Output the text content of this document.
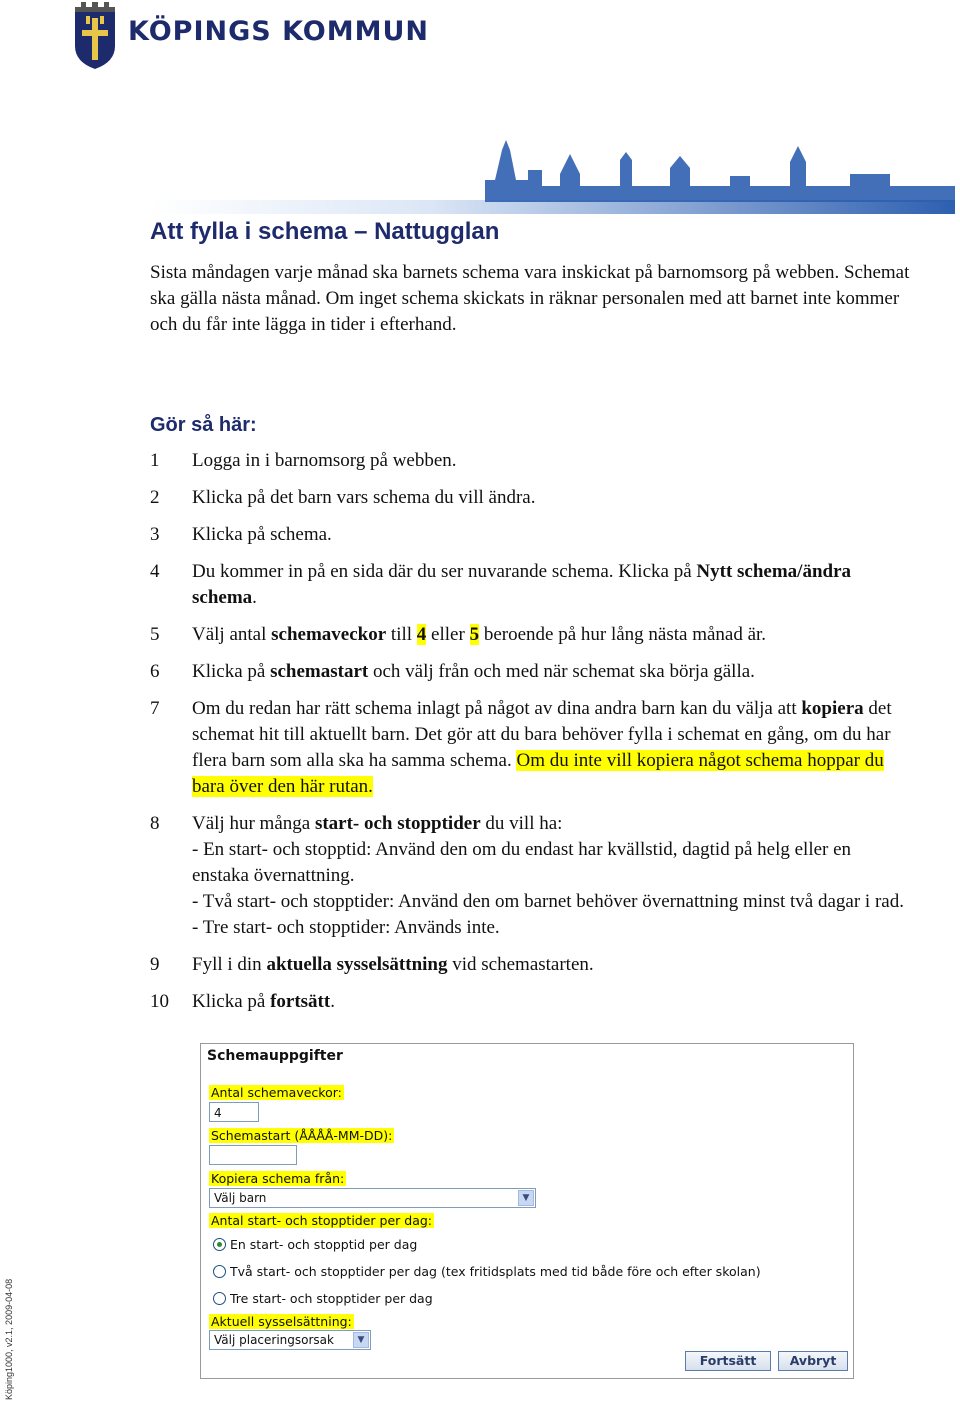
KÖPINGS KOMMUN
Att fylla i schema – Nattugglan

Sista måndagen varje månad ska barnets schema vara inskickat på barnomsorg på webben. Schemat ska gälla nästa månad. Om inget schema skickats in räknar personalen med att barnet inte kommer och du får inte lägga in tider i efterhand.

Gör så här:
1	Logga in i barnomsorg på webben.
2	Klicka på det barn vars schema du vill ändra.
3	Klicka på schema.
4	Du kommer in på en sida där du ser nuvarande schema. Klicka på Nytt schema/ändra schema.
5	Välj antal schemaveckor till 4 eller 5 beroende på hur lång nästa månad är.
6	Klicka på schemastart och välj från och med när schemat ska börja gälla.
7	Om du redan har rätt schema inlagt på något av dina andra barn kan du välja att kopiera det schemat hit till aktuellt barn. Det gör att du bara behöver fylla i schemat en gång, om du har flera barn som alla ska ha samma schema. Om du inte vill kopiera något schema hoppar du bara över den här rutan.
8	Välj hur många start- och stopptider du vill ha:
- En start- och stopptid: Använd den om du endast har kvällstid, dagtid på helg eller en enstaka övernattning.
- Två start- och stopptider: Använd den om barnet behöver övernattning minst två dagar i rad.
- Tre start- och stopptider: Används inte.
9	Fyll i din aktuella sysselsättning vid schemastarten.
10	Klicka på fortsätt.
Schemauppgifter
Antal schemaveckor:
4
Schemastart (ÅÅÅÅ-MM-DD):
Kopiera schema från:
Välj barn	▼
Antal start- och stopptider per dag:
En start- och stopptid per dag
Två start- och stopptider per dag (tex fritidsplats med tid både före och efter skolan)
Tre start- och stopptider per dag
Aktuell sysselsättning:
Välj placeringsorsak	▼
Fortsätt	Avbryt
Köping1000, v2.1, 2009-04-08
